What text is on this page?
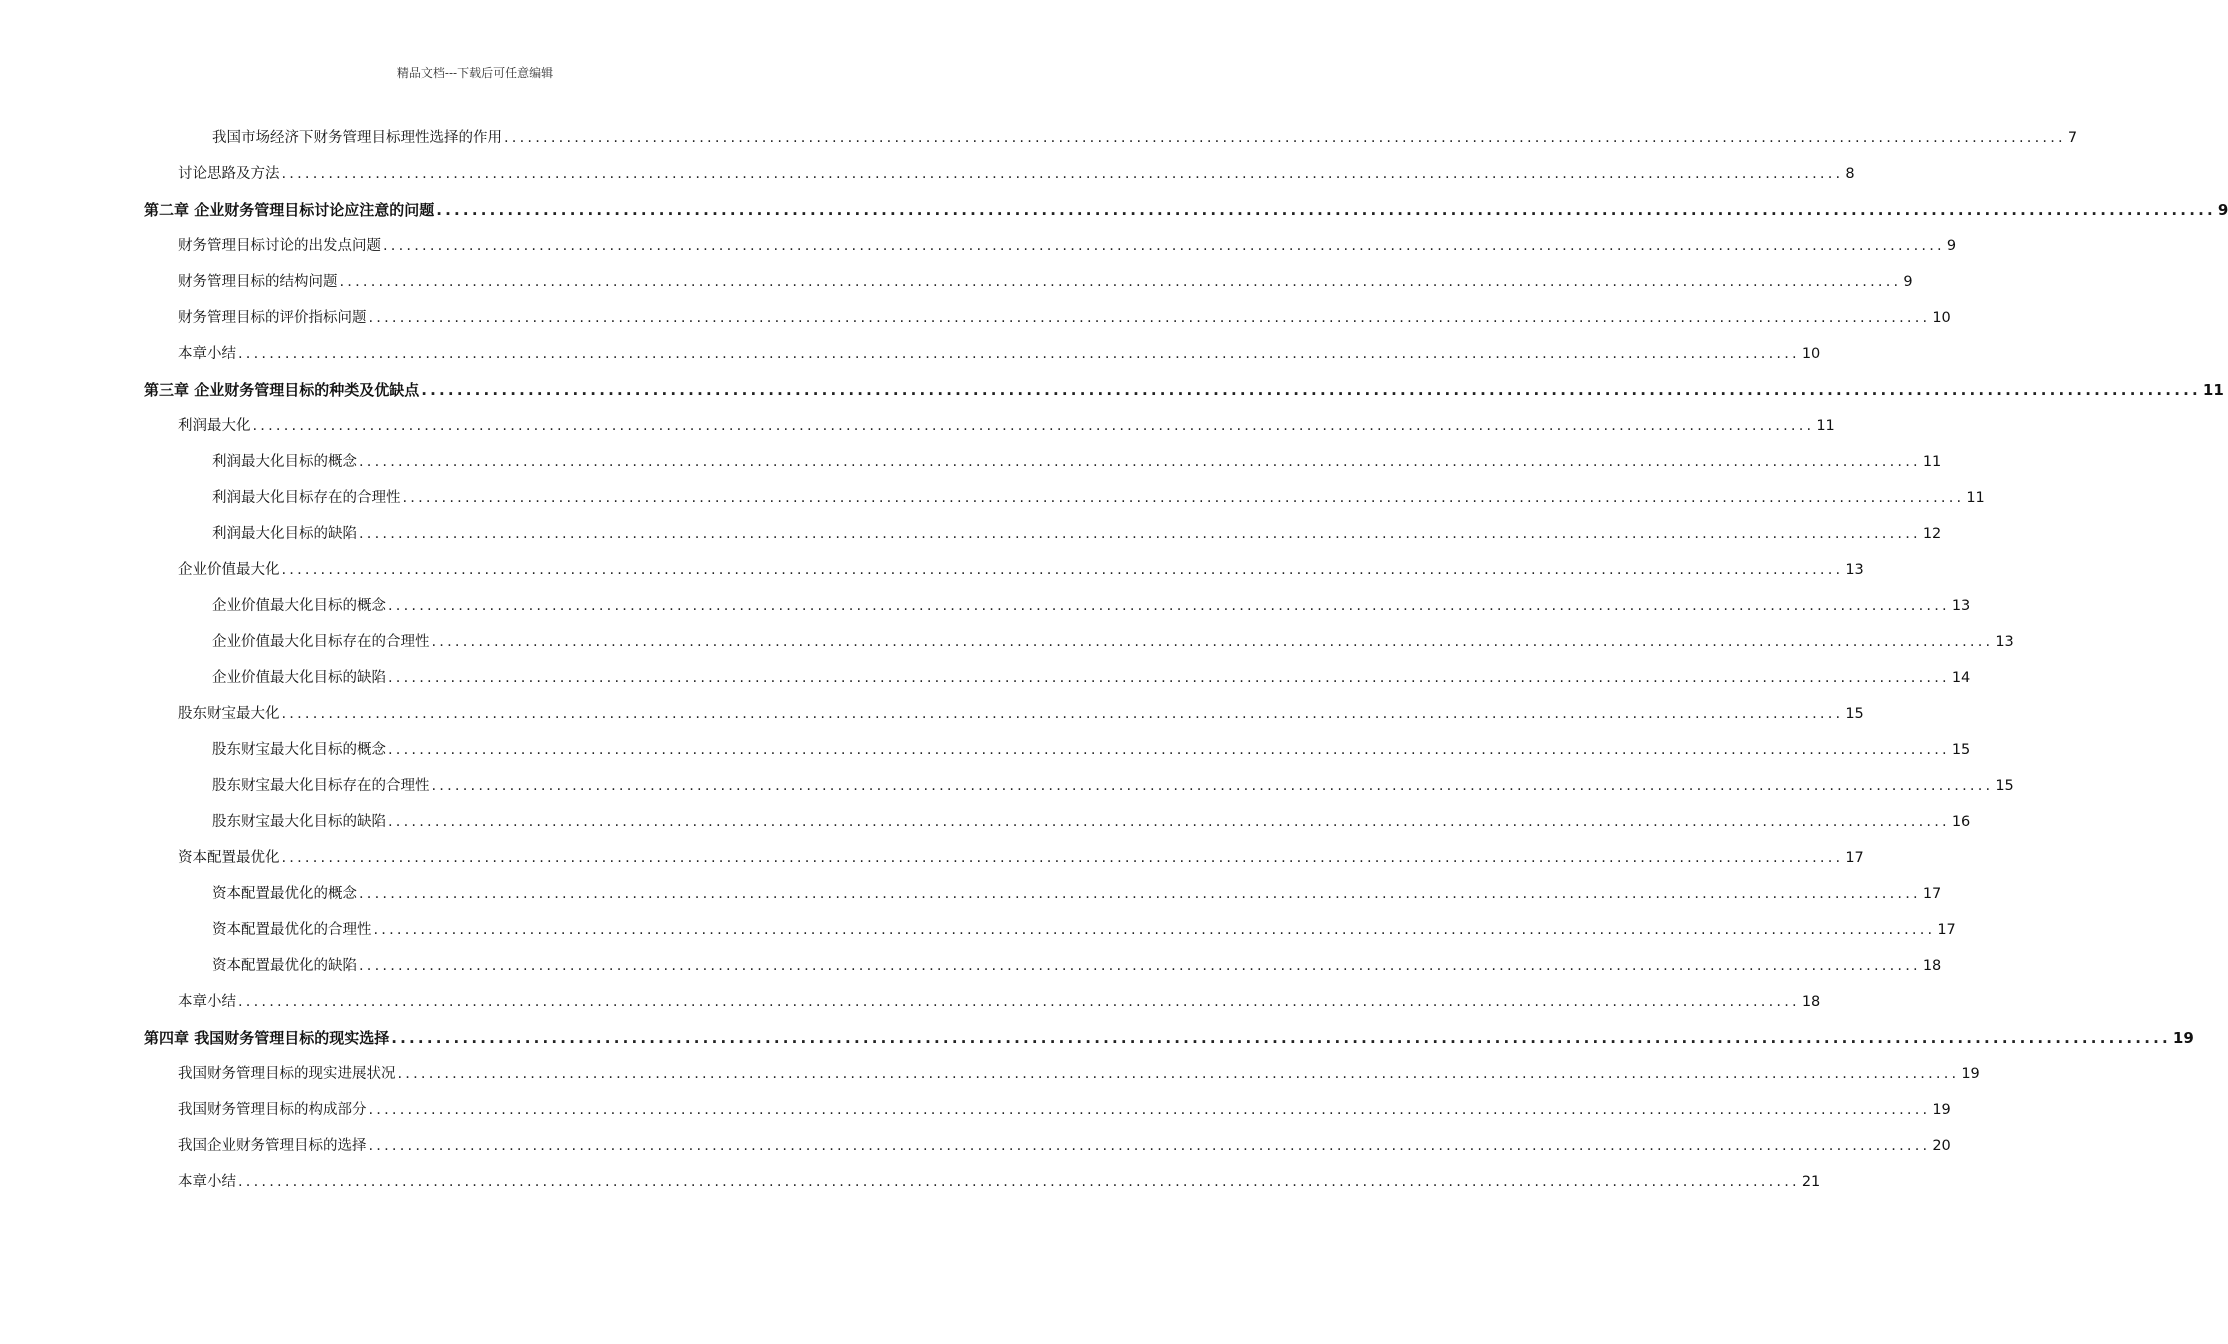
精品文档---下载后可任意编辑
我国市场经济下财务管理目标理性选择的作用 ........................................................................................................................................................................................................ 7
讨论思路及方法 ........................................................................................................................................................................................................ 8
第二章 企业财务管理目标讨论应注意的问题 ........................................................................................................................................................................................................ 9
财务管理目标讨论的出发点问题 ........................................................................................................................................................................................................ 9
财务管理目标的结构问题 ........................................................................................................................................................................................................ 9
财务管理目标的评价指标问题 ........................................................................................................................................................................................................ 10
本章小结 ........................................................................................................................................................................................................ 10
第三章 企业财务管理目标的种类及优缺点 ........................................................................................................................................................................................................ 11
利润最大化 ........................................................................................................................................................................................................ 11
利润最大化目标的概念 ........................................................................................................................................................................................................ 11
利润最大化目标存在的合理性 ........................................................................................................................................................................................................ 11
利润最大化目标的缺陷 ........................................................................................................................................................................................................ 12
企业价值最大化 ........................................................................................................................................................................................................ 13
企业价值最大化目标的概念 ........................................................................................................................................................................................................ 13
企业价值最大化目标存在的合理性 ........................................................................................................................................................................................................ 13
企业价值最大化目标的缺陷 ........................................................................................................................................................................................................ 14
股东财宝最大化 ........................................................................................................................................................................................................ 15
股东财宝最大化目标的概念 ........................................................................................................................................................................................................ 15
股东财宝最大化目标存在的合理性 ........................................................................................................................................................................................................ 15
股东财宝最大化目标的缺陷 ........................................................................................................................................................................................................ 16
资本配置最优化 ........................................................................................................................................................................................................ 17
资本配置最优化的概念 ........................................................................................................................................................................................................ 17
资本配置最优化的合理性 ........................................................................................................................................................................................................ 17
资本配置最优化的缺陷 ........................................................................................................................................................................................................ 18
本章小结 ........................................................................................................................................................................................................ 18
第四章 我国财务管理目标的现实选择 ........................................................................................................................................................................................................ 19
我国财务管理目标的现实进展状况 ........................................................................................................................................................................................................ 19
我国财务管理目标的构成部分 ........................................................................................................................................................................................................ 19
我国企业财务管理目标的选择 ........................................................................................................................................................................................................ 20
本章小结 ........................................................................................................................................................................................................ 21
